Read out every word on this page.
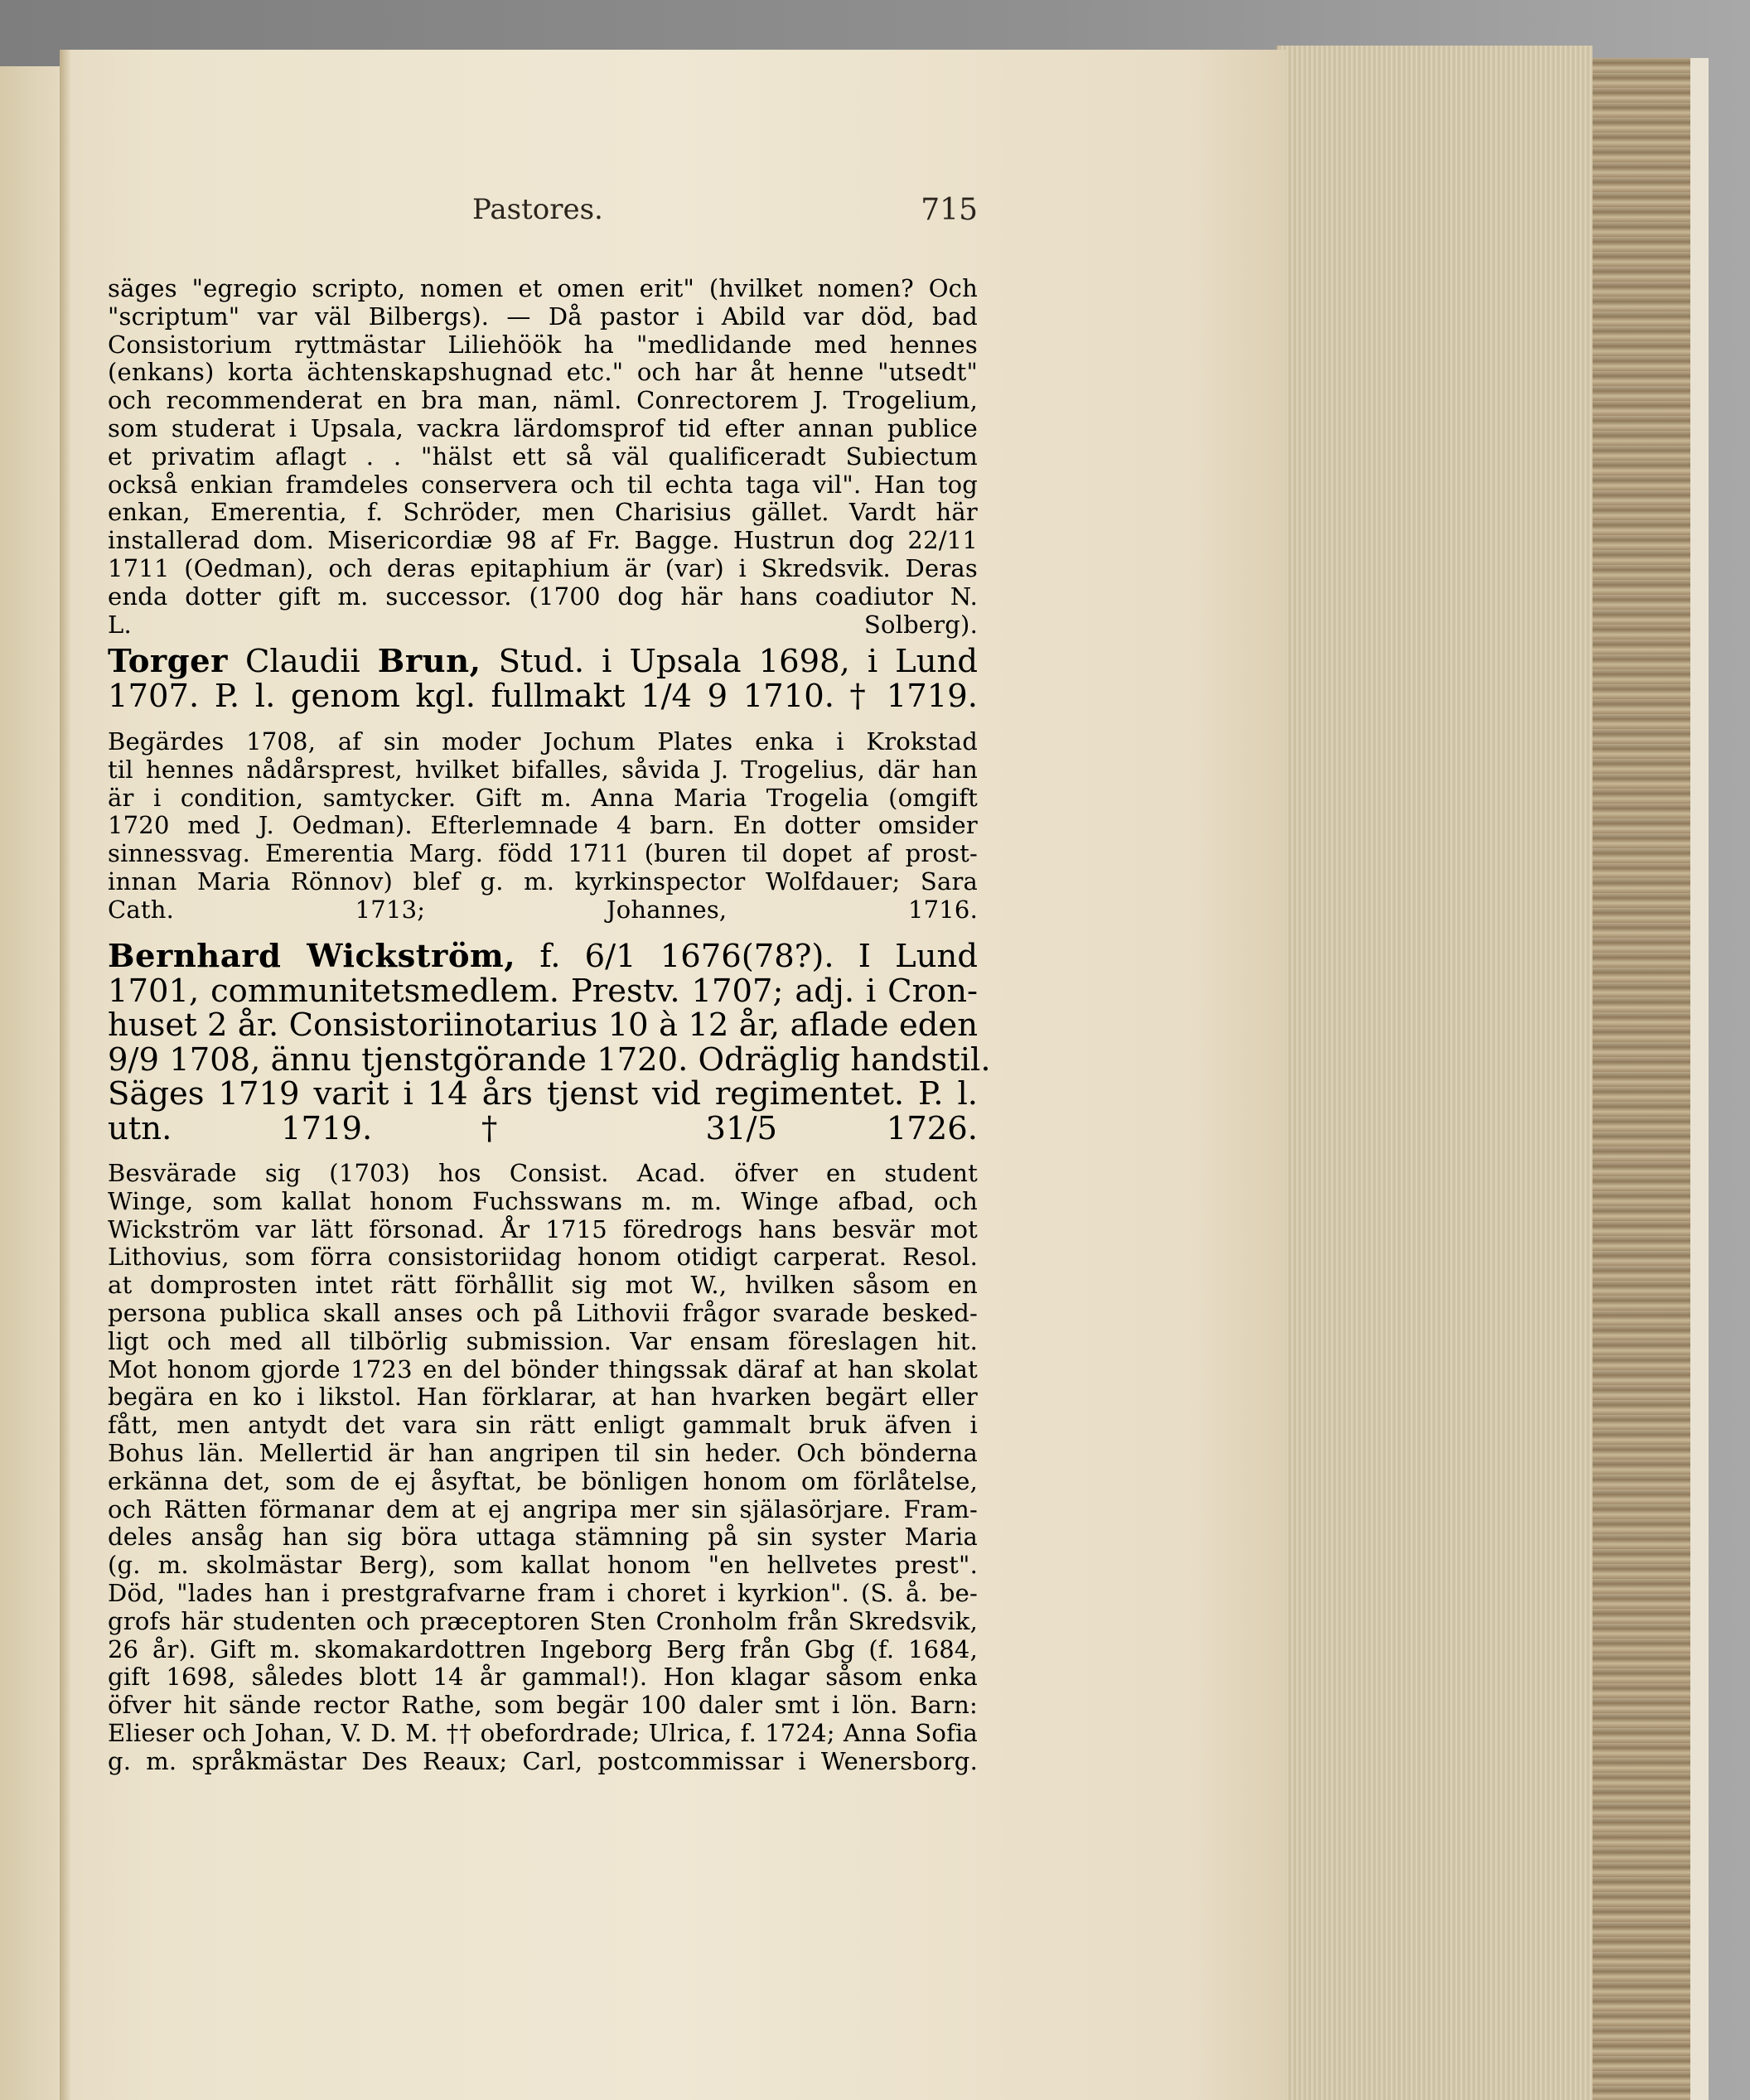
Pastores.	715
säges "egregio scripto, nomen et omen erit" (hvilket nomen? Och
"scriptum" var väl Bilbergs). — Då pastor i Abild var död, bad
Consistorium ryttmästar Liliehöök ha "medlidande med hennes
(enkans) korta ächtenskapshugnad etc." och har åt henne "utsedt"
och recommenderat en bra man, näml. Conrectorem J. Trogelium,
som studerat i Upsala, vackra lärdomsprof tid efter annan publice
et privatim aflagt . . "hälst ett så väl qualificeradt Subiectum
också enkian framdeles conservera och til echta taga vil". Han tog
enkan, Emerentia, f. Schröder, men Charisius gället. Vardt här
installerad dom. Misericordiæ 98 af Fr. Bagge. Hustrun dog 22/11
1711 (Oedman), och deras epitaphium är (var) i Skredsvik. Deras
enda dotter gift m. successor. (1700 dog här hans coadiutor N.
L. Solberg).
Torger Claudii Brun, Stud. i Upsala 1698, i Lund
1707. P. l. genom kgl. fullmakt 1/4 9 1710. † 1719.
Begärdes 1708, af sin moder Jochum Plates enka i Krokstad
til hennes nådårsprest, hvilket bifalles, såvida J. Trogelius, där han
är i condition, samtycker. Gift m. Anna Maria Trogelia (omgift
1720 med J. Oedman). Efterlemnade 4 barn. En dotter omsider
sinnessvag. Emerentia Marg. född 1711 (buren til dopet af prost-
innan Maria Rönnov) blef g. m. kyrkinspector Wolfdauer; Sara
Cath. 1713; Johannes, 1716.
Bernhard Wickström, f. 6/1 1676(78?). I Lund
1701, communitetsmedlem. Prestv. 1707; adj. i Cron-
huset 2 år. Consistoriinotarius 10 à 12 år, aflade eden
9/9 1708, ännu tjenstgörande 1720. Odräglig handstil.
Säges 1719 varit i 14 års tjenst vid regimentet. P. l.
utn. 1719. † 31/5 1726.
Besvärade sig (1703) hos Consist. Acad. öfver en student
Winge, som kallat honom Fuchsswans m. m. Winge afbad, och
Wickström var lätt försonad. År 1715 föredrogs hans besvär mot
Lithovius, som förra consistoriidag honom otidigt carperat. Resol.
at domprosten intet rätt förhållit sig mot W., hvilken såsom en
persona publica skall anses och på Lithovii frågor svarade besked-
ligt och med all tilbörlig submission. Var ensam föreslagen hit.
Mot honom gjorde 1723 en del bönder thingssak däraf at han skolat
begära en ko i likstol. Han förklarar, at han hvarken begärt eller
fått, men antydt det vara sin rätt enligt gammalt bruk äfven i
Bohus län. Mellertid är han angripen til sin heder. Och bönderna
erkänna det, som de ej åsyftat, be bönligen honom om förlåtelse,
och Rätten förmanar dem at ej angripa mer sin själasörjare. Fram-
deles ansåg han sig böra uttaga stämning på sin syster Maria
(g. m. skolmästar Berg), som kallat honom "en hellvetes prest".
Död, "lades han i prestgrafvarne fram i choret i kyrkion". (S. å. be-
grofs här studenten och præceptoren Sten Cronholm från Skredsvik,
26 år). Gift m. skomakardottren Ingeborg Berg från Gbg (f. 1684,
gift 1698, således blott 14 år gammal!). Hon klagar såsom enka
öfver hit sände rector Rathe, som begär 100 daler smt i lön. Barn:
Elieser och Johan, V. D. M. †† obefordrade; Ulrica, f. 1724; Anna Sofia
g. m. språkmästar Des Reaux; Carl, postcommissar i Wenersborg.
